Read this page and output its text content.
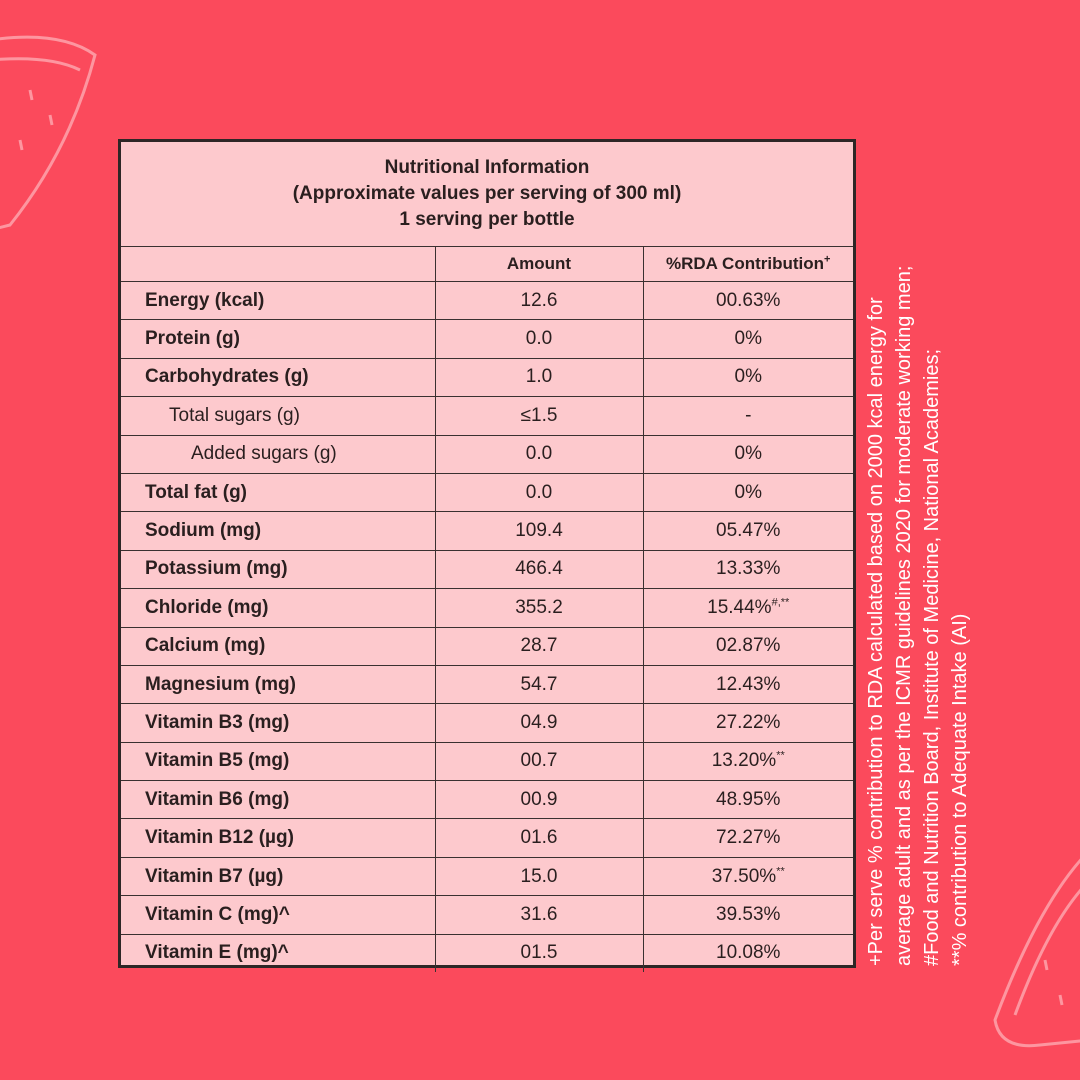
Nutritional Information
(Approximate values per serving of 300 ml)
1 serving per bottle
	Amount	%RDA Contribution+
Energy (kcal)	12.6	00.63%
Protein (g)	0.0	0%
Carbohydrates (g)	1.0	0%
Total sugars (g)	≤1.5	-
Added sugars (g)	0.0	0%
Total fat (g)	0.0	0%
Sodium (mg)	109.4	05.47%
Potassium (mg)	466.4	13.33%
Chloride (mg)	355.2	15.44%#,**
Calcium (mg)	28.7	02.87%
Magnesium (mg)	54.7	12.43%
Vitamin B3 (mg)	04.9	27.22%
Vitamin B5 (mg)	00.7	13.20%**
Vitamin B6 (mg)	00.9	48.95%
Vitamin B12 (µg)	01.6	72.27%
Vitamin B7 (µg)	15.0	37.50%**
Vitamin C (mg)^	31.6	39.53%
Vitamin E (mg)^	01.5	10.08%	+Per serve % contribution to RDA calculated based on 2000 kcal energy for average adult and as per the ICMR guidelines 2020 for moderate working men; #Food and Nutrition Board, Institute of Medicine, National Academies; **% contribution to Adequate Intake (AI)
